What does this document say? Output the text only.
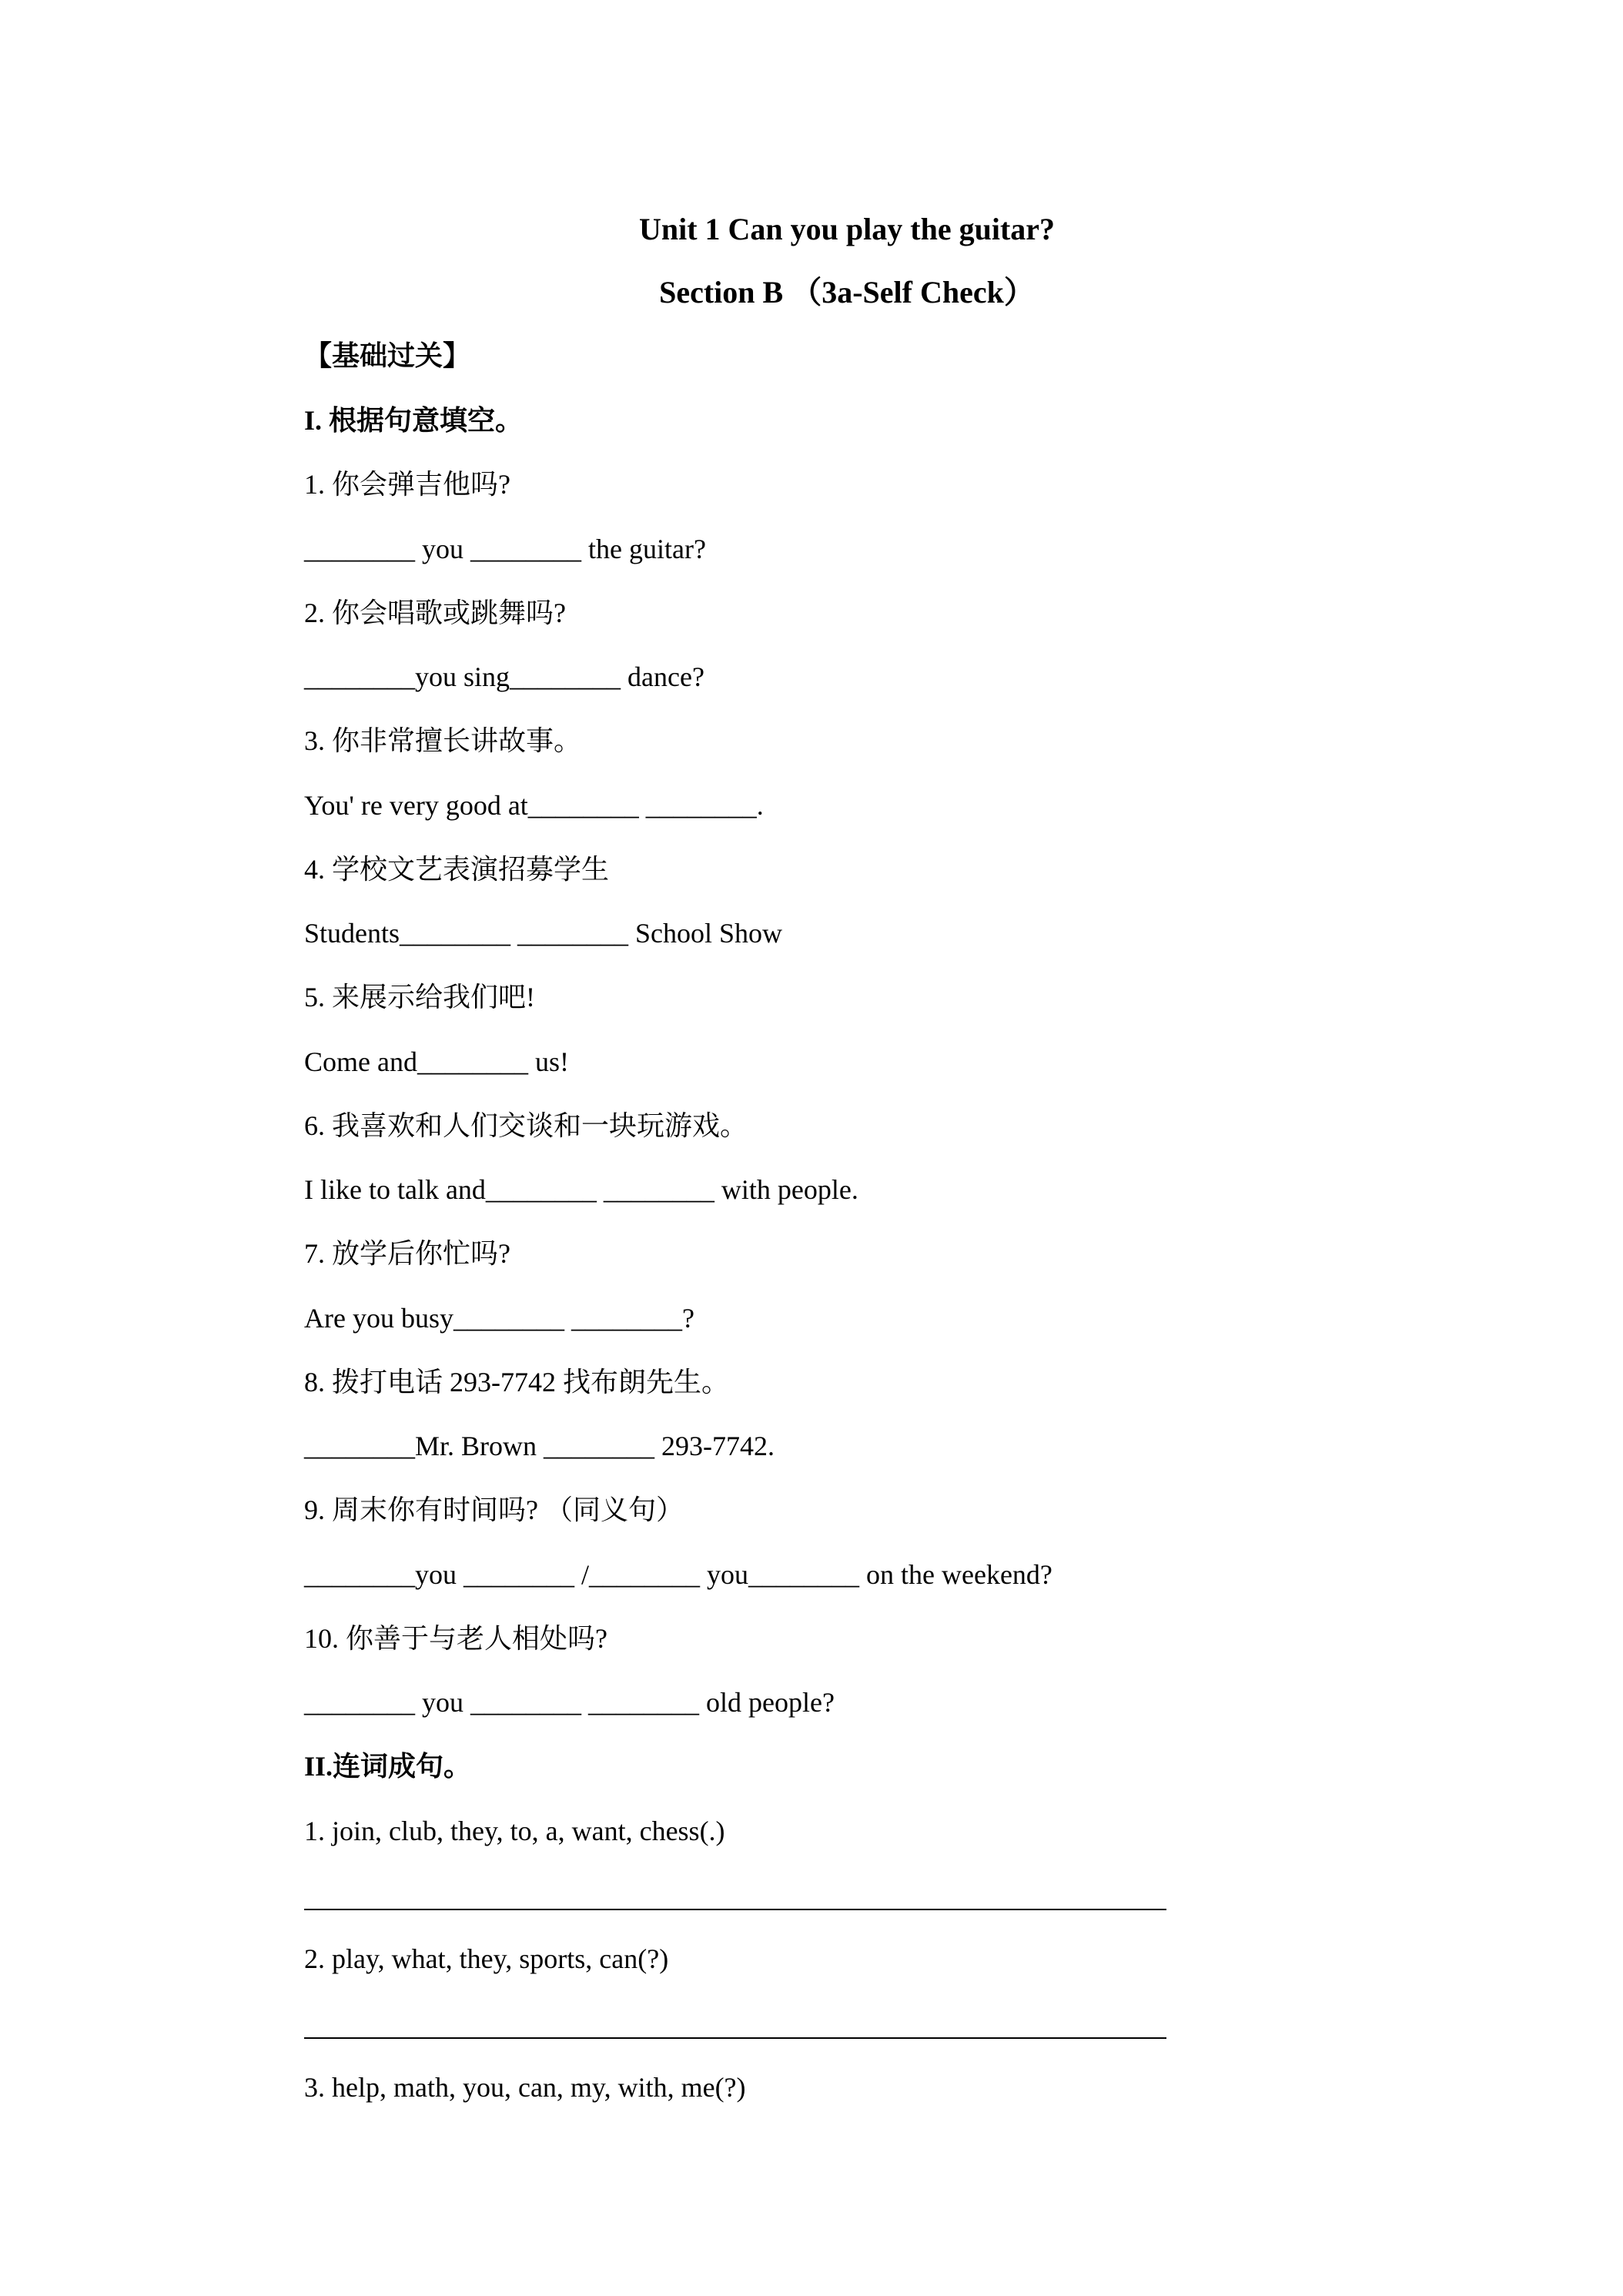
Unit 1 Can you play the guitar?
Section B （3a-Self Check）
【基础过关】
I. 根据句意填空。
1. 你会弹吉他吗?
________ you ________ the guitar?
2. 你会唱歌或跳舞吗?
________you sing________ dance?
3. 你非常擅长讲故事。
You' re very good at________ ________.
4. 学校文艺表演招募学生
Students________ ________ School Show
5. 来展示给我们吧!
Come and________ us!
6. 我喜欢和人们交谈和一块玩游戏。
I like to talk and________ ________ with people.
7. 放学后你忙吗?
Are you busy________ ________?
8. 拨打电话 293-7742 找布朗先生。
________Mr. Brown ________ 293-7742.
9. 周末你有时间吗? （同义句）
________you ________ /________ you________ on the weekend?
10. 你善于与老人相处吗?
________ you ________ ________ old people?
II.连词成句。
1. join, club, they, to, a, want, chess(.)
2. play, what, they, sports, can(?)
3. help, math, you, can, my, with, me(?)
